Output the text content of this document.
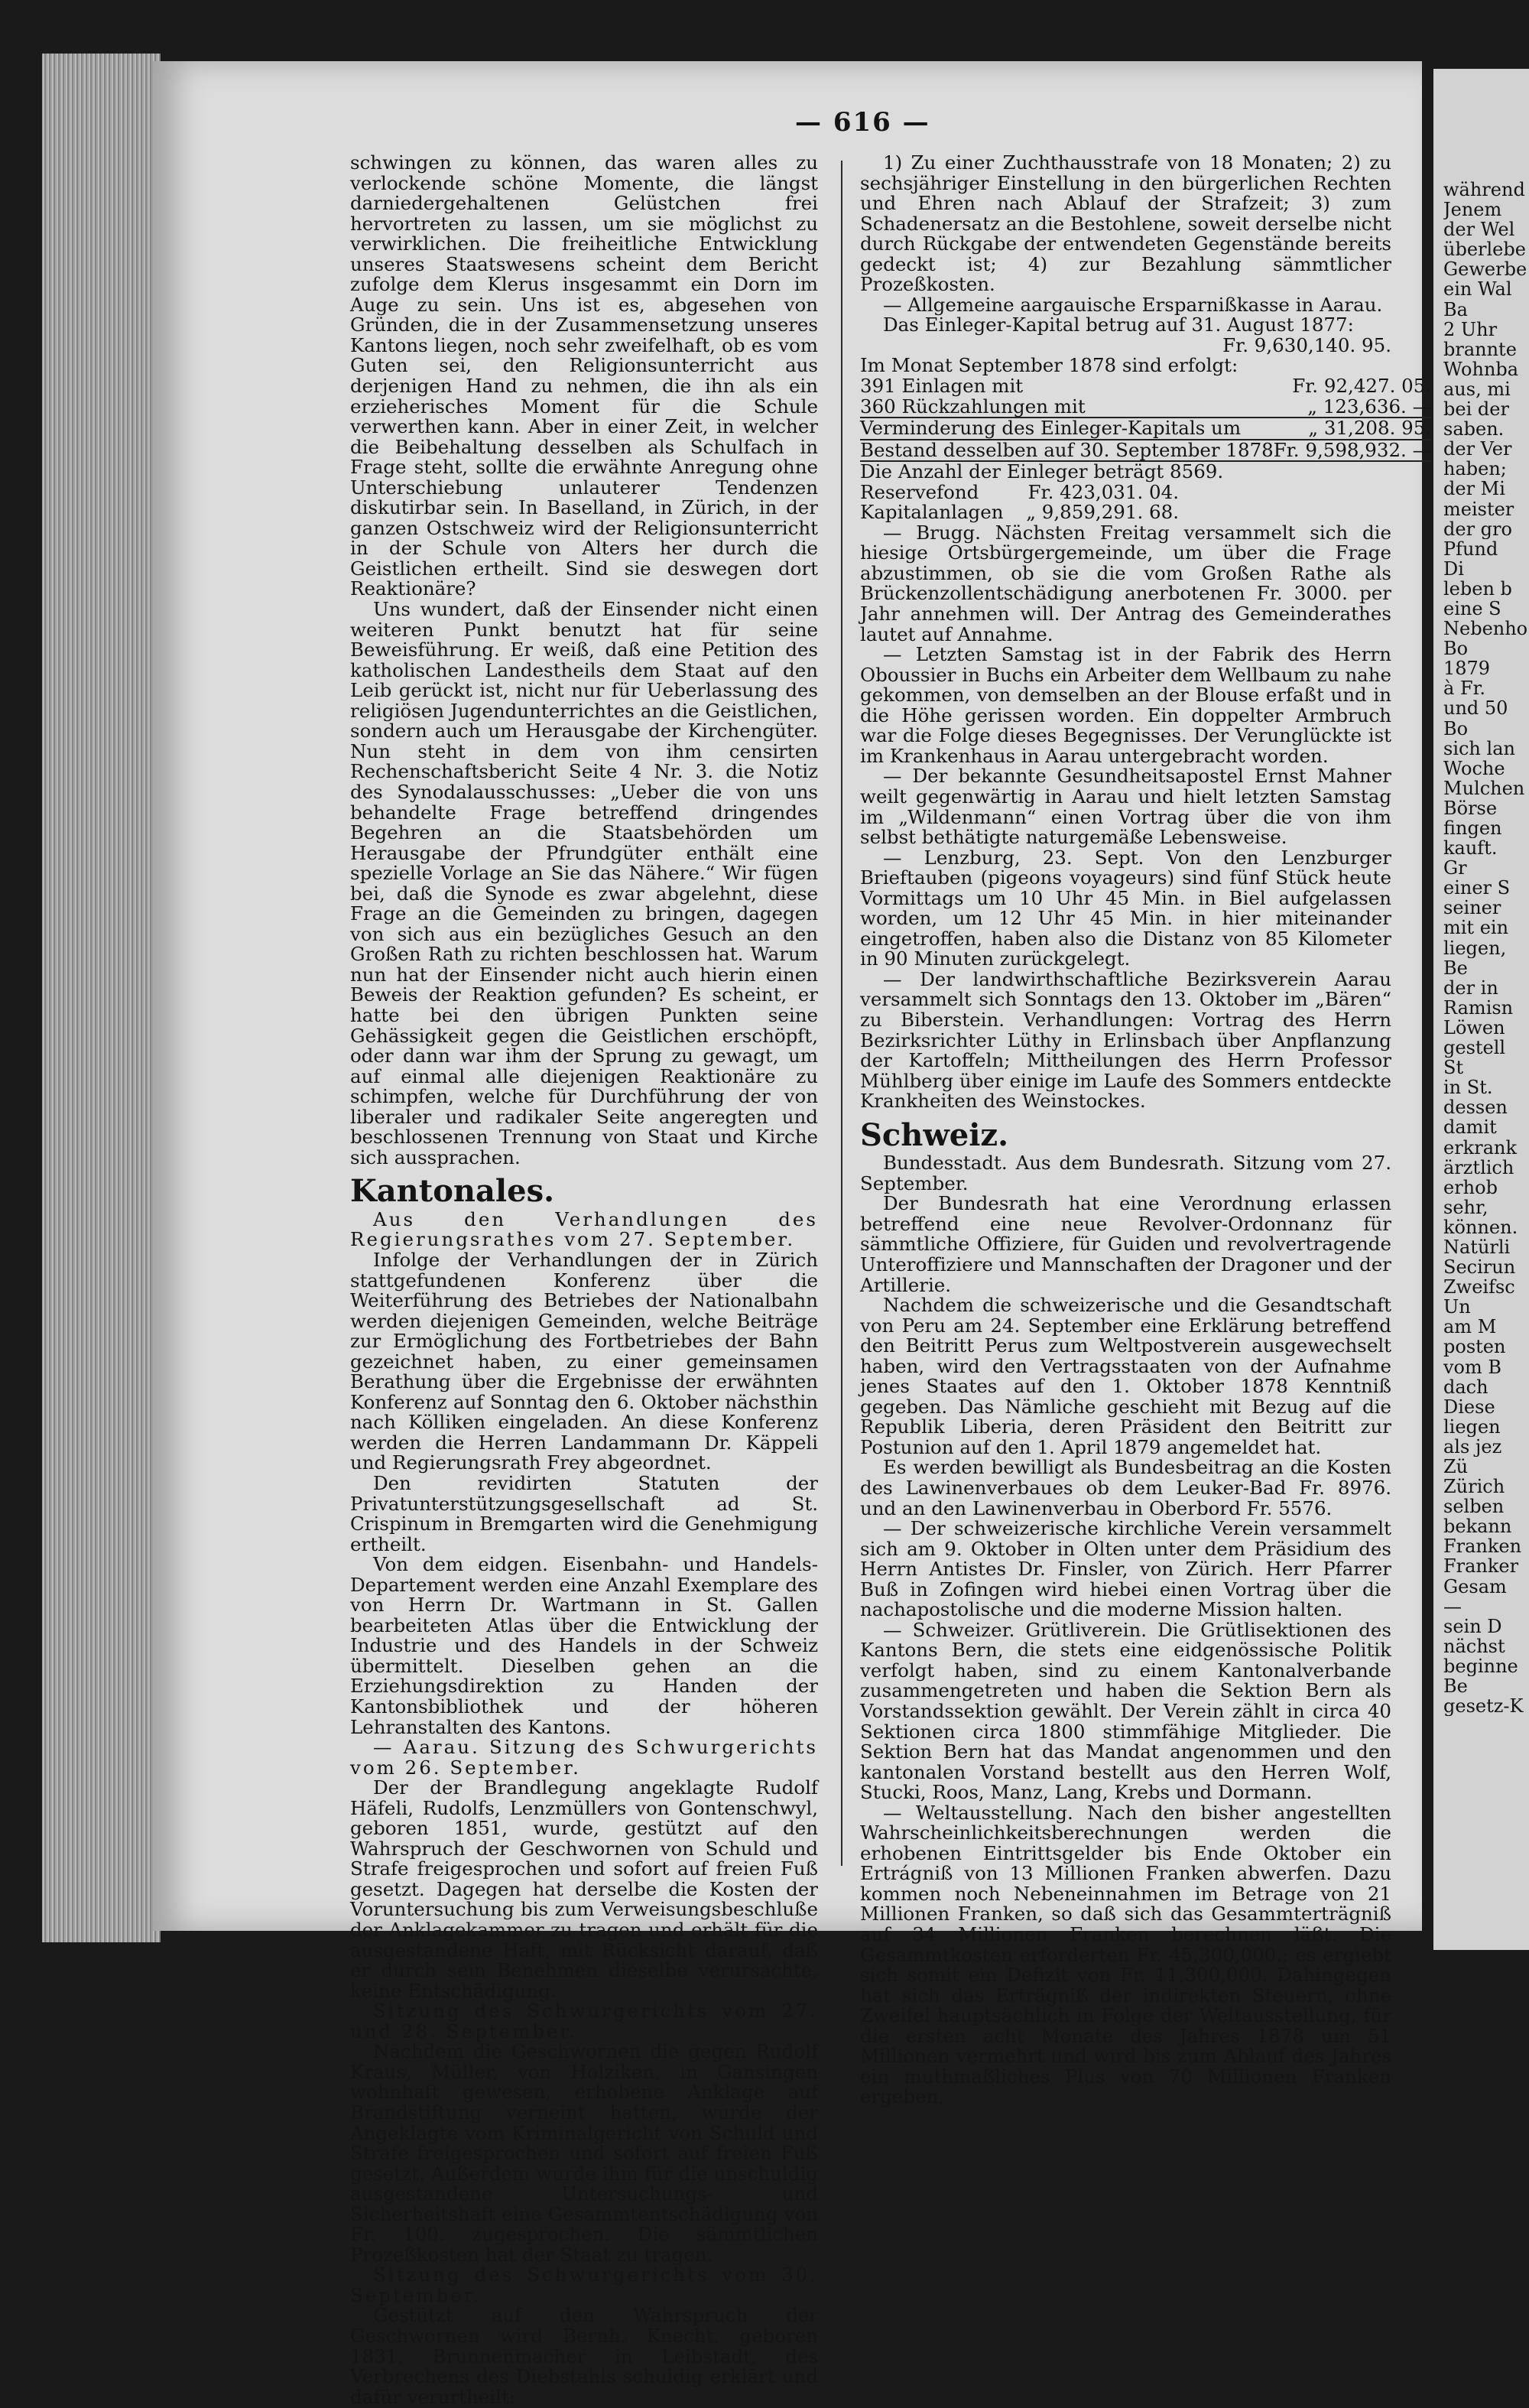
— 616 —

schwingen zu können, das waren alles zu verlockende schöne Momente, die längst darniedergehaltenen Gelüstchen frei hervortreten zu lassen, um sie möglichst zu verwirklichen. Die freiheitliche Entwicklung unseres Staatswesens scheint dem Bericht zufolge dem Klerus insgesammt ein Dorn im Auge zu sein. Uns ist es, abgesehen von Gründen, die in der Zusammensetzung unseres Kantons liegen, noch sehr zweifelhaft, ob es vom Guten sei, den Religionsunterricht aus derjenigen Hand zu nehmen, die ihn als ein erzieherisches Moment für die Schule verwerthen kann. Aber in einer Zeit, in welcher die Beibehaltung desselben als Schulfach in Frage steht, sollte die erwähnte Anregung ohne Unterschiebung unlauterer Tendenzen diskutirbar sein. In Baselland, in Zürich, in der ganzen Ostschweiz wird der Religionsunterricht in der Schule von Alters her durch die Geistlichen ertheilt. Sind sie deswegen dort Reaktionäre?

Uns wundert, daß der Einsender nicht einen weiteren Punkt benutzt hat für seine Beweisführung. Er weiß, daß eine Petition des katholischen Landestheils dem Staat auf den Leib gerückt ist, nicht nur für Ueberlassung des religiösen Jugendunterrichtes an die Geistlichen, sondern auch um Herausgabe der Kirchengüter. Nun steht in dem von ihm censirten Rechenschaftsbericht Seite 4 Nr. 3. die Notiz des Synodalausschusses: „Ueber die von uns behandelte Frage betreffend dringendes Begehren an die Staatsbehörden um Herausgabe der Pfrundgüter enthält eine spezielle Vorlage an Sie das Nähere.“ Wir fügen bei, daß die Synode es zwar abgelehnt, diese Frage an die Gemeinden zu bringen, dagegen von sich aus ein bezügliches Gesuch an den Großen Rath zu richten beschlossen hat. Warum nun hat der Einsender nicht auch hierin einen Beweis der Reaktion gefunden? Es scheint, er hatte bei den übrigen Punkten seine Gehässigkeit gegen die Geistlichen erschöpft, oder dann war ihm der Sprung zu gewagt, um auf einmal alle diejenigen Reaktionäre zu schimpfen, welche für Durchführung der von liberaler und radikaler Seite angeregten und beschlossenen Trennung von Staat und Kirche sich aussprachen.

Kantonales.

Aus den Verhandlungen des Regierungsrathes vom 27. September.

Infolge der Verhandlungen der in Zürich stattgefundenen Konferenz über die Weiterführung des Betriebes der Nationalbahn werden diejenigen Gemeinden, welche Beiträge zur Ermöglichung des Fortbetriebes der Bahn gezeichnet haben, zu einer gemeinsamen Berathung über die Ergebnisse der erwähnten Konferenz auf Sonntag den 6. Oktober nächsthin nach Kölliken eingeladen. An diese Konferenz werden die Herren Landammann Dr. Käppeli und Regierungsrath Frey abgeordnet.

Den revidirten Statuten der Privatunterstützungsgesellschaft ad St. Crispinum in Bremgarten wird die Genehmigung ertheilt.

Von dem eidgen. Eisenbahn- und Handels-Departement werden eine Anzahl Exemplare des von Herrn Dr. Wartmann in St. Gallen bearbeiteten Atlas über die Entwicklung der Industrie und des Handels in der Schweiz übermittelt. Dieselben gehen an die Erziehungsdirektion zu Handen der Kantonsbibliothek und der höheren Lehranstalten des Kantons.

— Aarau. Sitzung des Schwurgerichts vom 26. September.

Der der Brandlegung angeklagte Rudolf Häfeli, Rudolfs, Lenzmüllers von Gontenschwyl, geboren 1851, wurde, gestützt auf den Wahrspruch der Geschwornen von Schuld und Strafe freigesprochen und sofort auf freien Fuß gesetzt. Dagegen hat derselbe die Kosten der Voruntersuchung bis zum Verweisungsbeschluße der Anklagekammer zu tragen und erhält für die ausgestandene Haft, mit Rücksicht darauf, daß er durch sein Benehmen dieselbe verursachte, keine Entschädigung.

Sitzung des Schwurgerichts vom 27. und 28. September.

Nachdem die Geschwornen die gegen Rudolf Kraus, Müller, von Holziken, in Gansingen wohnhaft gewesen, erhobene Anklage auf Brandstiftung verneint hatten, wurde der Angeklagte vom Kriminalgericht von Schuld und Strafe freigesprochen und sofort auf freien Fuß gesetzt. Außerdem wurde ihm für die unschuldig ausgestandene Untersuchungs- und Sicherheitshaft eine Gesammtentschädigung von Fr. 100. zugesprochen. Die sämmtlichen Prozeßkosten hat der Staat zu tragen.

Sitzung des Schwurgerichts vom 30. September.

Gestützt auf den Wahrspruch der Geschwornen wird Bernh. Knecht, geboren 1831, Brunnenmacher in Leibstadt, des Verbrechens des Diebstahls schuldig erklärt und dafür verurtheilt:

1) Zu einer Zuchthausstrafe von 18 Monaten; 2) zu sechsjähriger Einstellung in den bürgerlichen Rechten und Ehren nach Ablauf der Strafzeit; 3) zum Schadenersatz an die Bestohlene, soweit derselbe nicht durch Rückgabe der entwendeten Gegenstände bereits gedeckt ist; 4) zur Bezahlung sämmtlicher Prozeßkosten.

— Allgemeine aargauische Ersparnißkasse in Aarau.

Das Einleger-Kapital betrug auf 31. August 1877:

Fr. 9,630,140. 95.

Im Monat September 1878 sind erfolgt:

391 Einlagen mit	Fr. 92,427. 05.
360 Rückzahlungen mit	„ 123,636. —
Verminderung des Einleger-Kapitals um	„ 31,208. 95.
Bestand desselben auf 30. September 1878	Fr. 9,598,932. —

Die Anzahl der Einleger beträgt 8569.

Reservefond	Fr. 423,031. 04.
Kapitalanlagen	„ 9,859,291. 68.

— Brugg. Nächsten Freitag versammelt sich die hiesige Ortsbürgergemeinde, um über die Frage abzustimmen, ob sie die vom Großen Rathe als Brückenzollentschädigung anerbotenen Fr. 3000. per Jahr annehmen will. Der Antrag des Gemeinderathes lautet auf Annahme.

— Letzten Samstag ist in der Fabrik des Herrn Oboussier in Buchs ein Arbeiter dem Wellbaum zu nahe gekommen, von demselben an der Blouse erfaßt und in die Höhe gerissen worden. Ein doppelter Armbruch war die Folge dieses Begegnisses. Der Verunglückte ist im Krankenhaus in Aarau untergebracht worden.

— Der bekannte Gesundheitsapostel Ernst Mahner weilt gegenwärtig in Aarau und hielt letzten Samstag im „Wildenmann“ einen Vortrag über die von ihm selbst bethätigte naturgemäße Lebensweise.

— Lenzburg, 23. Sept. Von den Lenzburger Brieftauben (pigeons voyageurs) sind fünf Stück heute Vormittags um 10 Uhr 45 Min. in Biel aufgelassen worden, um 12 Uhr 45 Min. in hier miteinander eingetroffen, haben also die Distanz von 85 Kilometer in 90 Minuten zurückgelegt.

— Der landwirthschaftliche Bezirksverein Aarau versammelt sich Sonntags den 13. Oktober im „Bären“ zu Biberstein. Verhandlungen: Vortrag des Herrn Bezirksrichter Lüthy in Erlinsbach über Anpflanzung der Kartoffeln; Mittheilungen des Herrn Professor Mühlberg über einige im Laufe des Sommers entdeckte Krankheiten des Weinstockes.

Schweiz.

Bundesstadt. Aus dem Bundesrath. Sitzung vom 27. September.

Der Bundesrath hat eine Verordnung erlassen betreffend eine neue Revolver-Ordonnanz für sämmtliche Offiziere, für Guiden und revolvertragende Unteroffiziere und Mannschaften der Dragoner und der Artillerie.

Nachdem die schweizerische und die Gesandtschaft von Peru am 24. September eine Erklärung betreffend den Beitritt Perus zum Weltpostverein ausgewechselt haben, wird den Vertragsstaaten von der Aufnahme jenes Staates auf den 1. Oktober 1878 Kenntniß gegeben. Das Nämliche geschieht mit Bezug auf die Republik Liberia, deren Präsident den Beitritt zur Postunion auf den 1. April 1879 angemeldet hat.

Es werden bewilligt als Bundesbeitrag an die Kosten des Lawinenverbaues ob dem Leuker-Bad Fr. 8976. und an den Lawinenverbau in Oberbord Fr. 5576.

— Der schweizerische kirchliche Verein versammelt sich am 9. Oktober in Olten unter dem Präsidium des Herrn Antistes Dr. Finsler, von Zürich. Herr Pfarrer Buß in Zofingen wird hiebei einen Vortrag über die nachapostolische und die moderne Mission halten.

— Schweizer. Grütliverein. Die Grütlisektionen des Kantons Bern, die stets eine eidgenössische Politik verfolgt haben, sind zu einem Kantonalverbande zusammengetreten und haben die Sektion Bern als Vorstandssektion gewählt. Der Verein zählt in circa 40 Sektionen circa 1800 stimmfähige Mitglieder. Die Sektion Bern hat das Mandat angenommen und den kantonalen Vorstand bestellt aus den Herren Wolf, Stucki, Roos, Manz, Lang, Krebs und Dormann.

— Weltausstellung. Nach den bisher angestellten Wahrscheinlichkeitsberechnungen werden die erhobenen Eintrittsgelder bis Ende Oktober ein Ertrágniß von 13 Millionen Franken abwerfen. Dazu kommen noch Nebeneinnahmen im Betrage von 21 Millionen Franken, so daß sich das Gesammterträgniß auf 34 Millionen Franken berechnen läßt. Die Gesammtkosten erforderten Fr. 45,300,000.; es ergiebt sich somit ein Defizit von Fr. 11,300,000. Dahingegen hat sich das Erträgniß der indirekten Steuern, ohne Zweifel hauptsächlich in Folge der Weltausstellung, für die ersten acht Monate des Jahres 1878 um 51 Millionen vermehrt und wird bis zum Ablauf des Jahres ein muthmaßliches Plus von 70 Millionen Franken ergeben,

während
Jenem
der Wel
überlebe
Gewerbe
ein Wal
Ba
2 Uhr
brannte
Wohnba
aus, mi
bei der
saben.
der Ver
haben;
der Mi
meister
der gro
Pfund
Di
leben b
eine S
Nebenho
Bo
1879
à Fr.
und 50
Bo
sich lan
Woche
Mulchen
Börse
fingen
kauft.
Gr
einer S
seiner
mit ein
liegen,
Be
der in
Ramisn
Löwen
gestell
St
in St.
dessen
damit
erkrank
ärztlich
erhob
sehr,
können.
Natürli
Secirun
Zweifsc
Un
am M
posten
vom B
dach
Diese
liegen
als jez
Zü
Zürich
selben
bekann
Franken
Franker
Gesam
—
sein D
nächst
beginne
Be
gesetz-K
